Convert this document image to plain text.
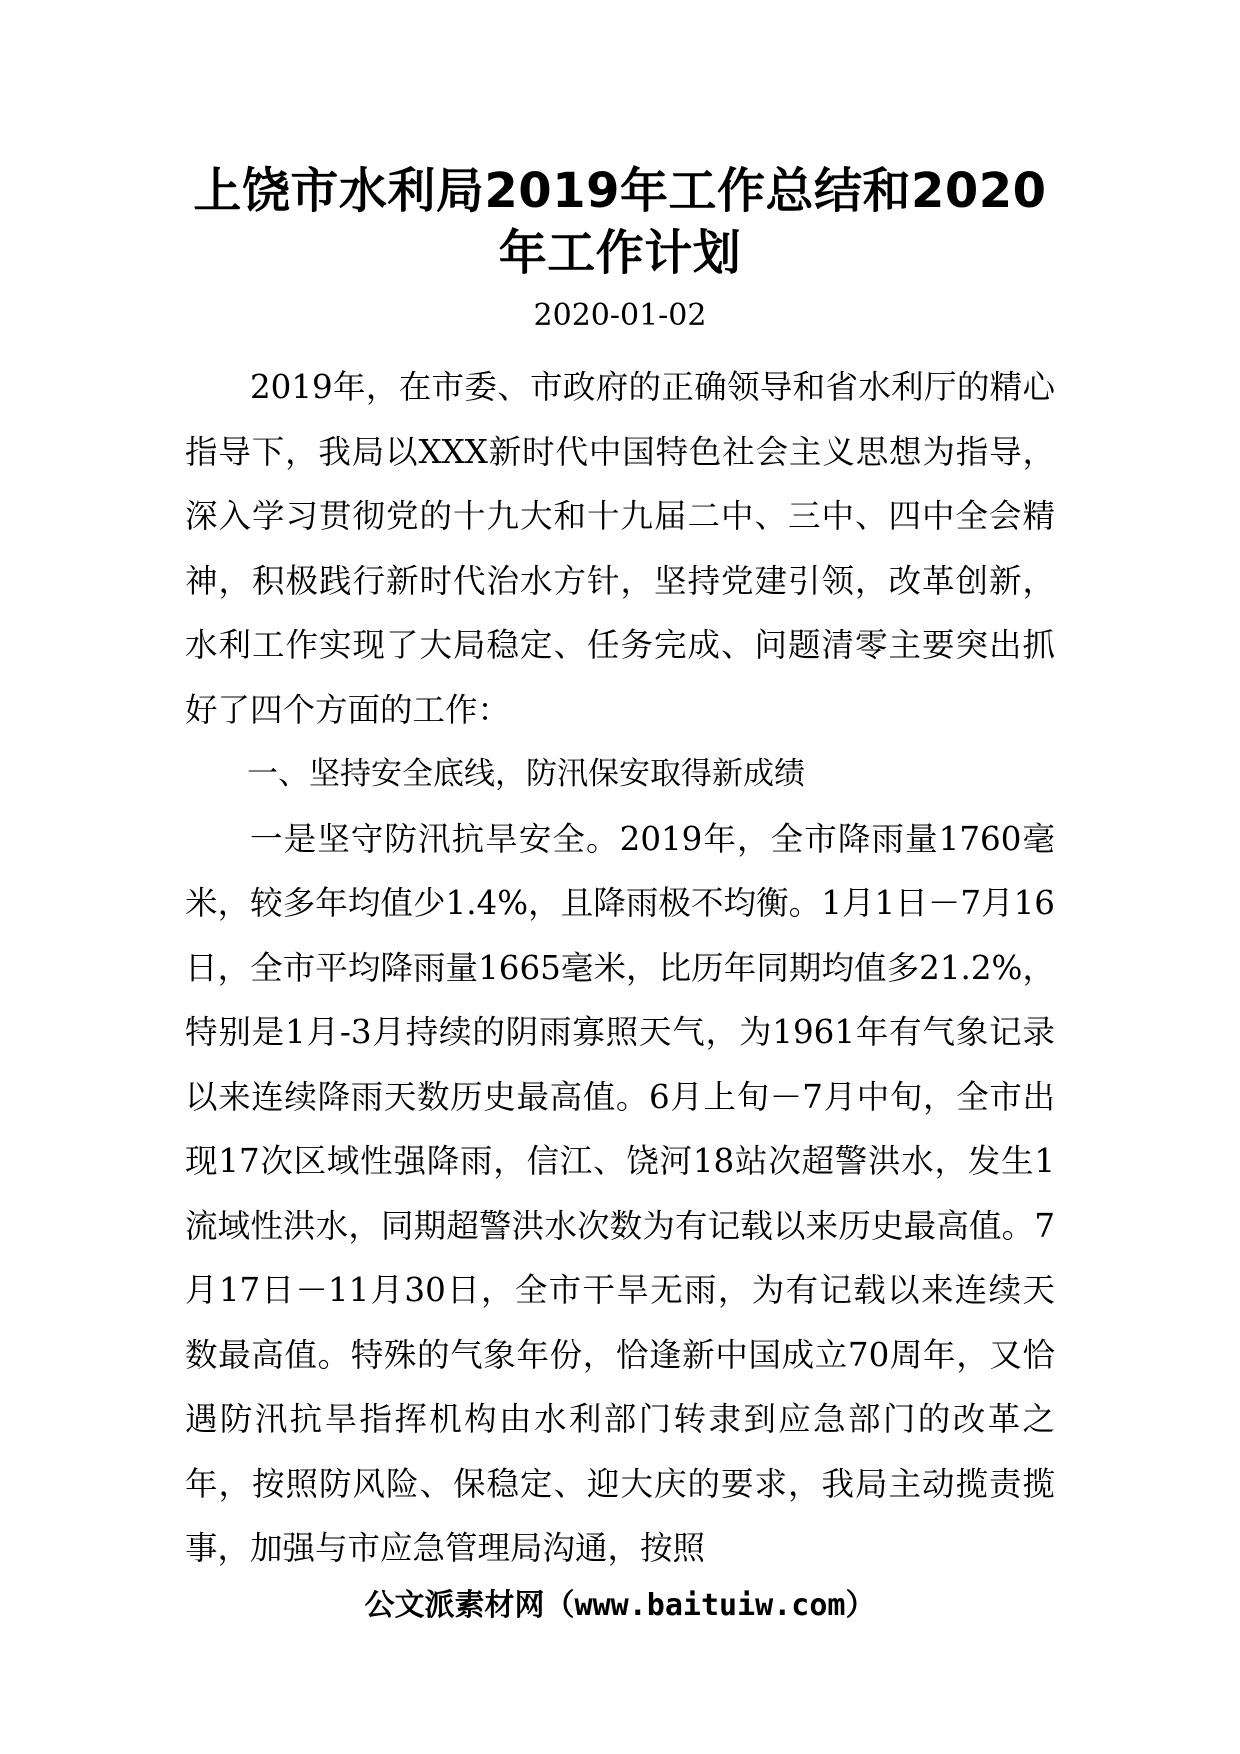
上饶市水利局2019年工作总结和2020年工作计划
2020-01-02

2019年，在市委、市政府的正确领导和省水利厅的精心指导下，我局以XXX新时代中国特色社会主义思想为指导，深入学习贯彻党的十九大和十九届二中、三中、四中全会精神，积极践行新时代治水方针，坚持党建引领，改革创新，水利工作实现了大局稳定、任务完成、问题清零主要突出抓好了四个方面的工作：

一、坚持安全底线，防汛保安取得新成绩

一是坚守防汛抗旱安全。2019年，全市降雨量1760毫米，较多年均值少1.4%，且降雨极不均衡。1月1日－7月16日，全市平均降雨量1665毫米，比历年同期均值多21.2%，特别是1月-3月持续的阴雨寡照天气，为1961年有气象记录以来连续降雨天数历史最高值。6月上旬－7月中旬，全市出现17次区域性强降雨，信江、饶河18站次超警洪水，发生1流域性洪水，同期超警洪水次数为有记载以来历史最高值。7月17日－11月30日，全市干旱无雨，为有记载以来连续天数最高值。特殊的气象年份，恰逢新中国成立70周年，又恰遇防汛抗旱指挥机构由水利部门转隶到应急部门的改革之年，按照防风险、保稳定、迎大庆的要求，我局主动揽责揽事，加强与市应急管理局沟通，按照

公文派素材网（www.baituiw.com）
